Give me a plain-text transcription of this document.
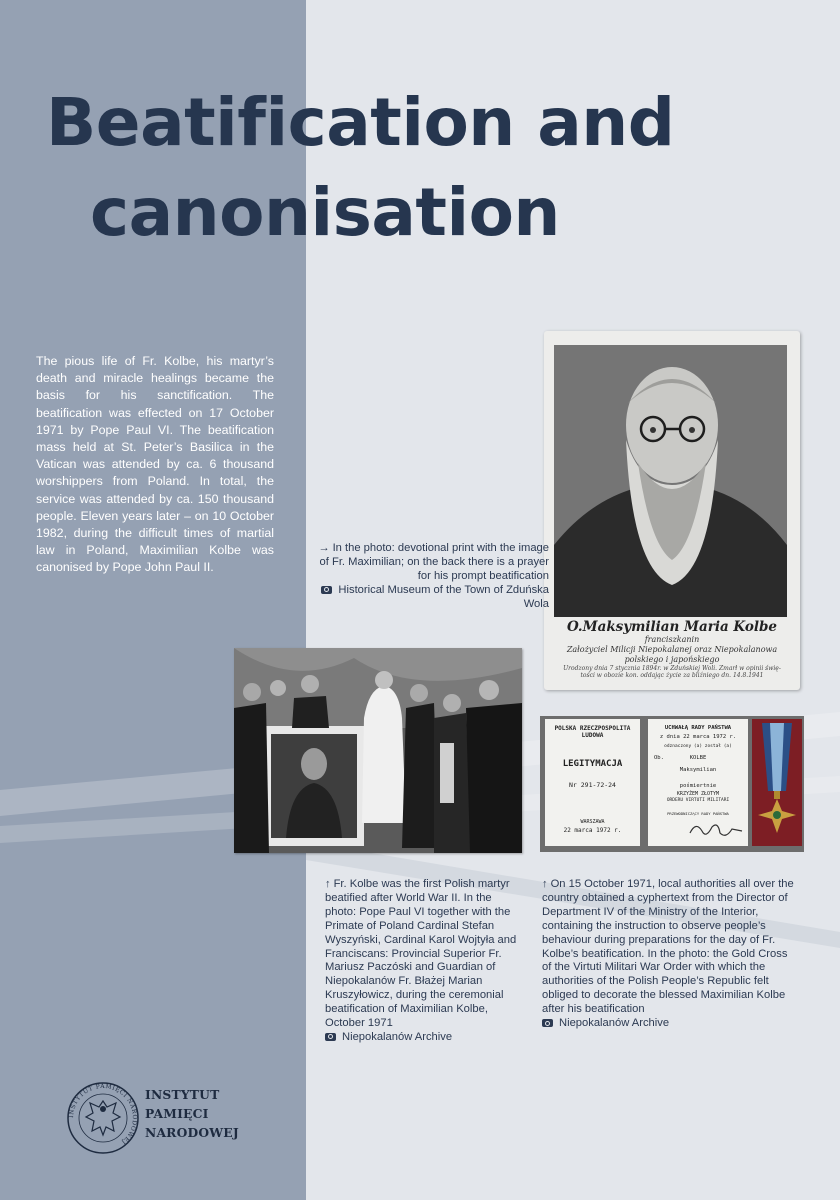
Beatification and
canonisation

The pious life of Fr. Kolbe, his martyr’s death and miracle healings became the basis for his sanctification. The beatification was effected on 17 October 1971 by Pope Paul VI. The beatification mass held at St. Peter’s Basilica in the Vatican was attended by ca. 6 thousand worshippers from Poland. In total, the service was attended by ca. 150 thousand people. Eleven years later – on 10 October 1982, during the difficult times of martial law in Poland, Maximilian Kolbe was canonised by Pope John Paul II.

O.Maksymilian Maria Kolbe

franciszkanin
Założyciel Milicji Niepokalanej oraz Niepokalanowa
polskiego i japońskiego

Urodzony dnia 7 stycznia 1894r. w Zduńskiej Woli. Zmarł w opinii świę-
tości w obozie kon. oddając życie za bliźniego dn. 14.8.1941

→ In the photo: devotional print with the image of Fr. Maximilian; on the back there is a prayer for his prompt beatification
Historical Museum of the Town of Zduńska Wola

POLSKA RZECZPOSPOLITA

LUDOWA

LEGITYMACJA

Nr 291-72-24

WARSZAWA

22 marca 1972 r.

UCHWAŁĄ RADY PAŃSTWA

z dnia 22 marca 1972 r.

odznaczony (a) został (a)

Ob.	KOLBE

Maksymilian

pośmiertnie

KRZYŻEM ZŁOTYM

ORDERU VIRTUTI MILITARI

PRZEWODNICZĄCY RADY PAŃSTWA

↑ Fr. Kolbe was the first Polish martyr beatified after World War II. In the photo: Pope Paul VI together with the Primate of Poland Cardinal Stefan Wyszyński, Cardinal Karol Wojtyła and Franciscans: Provincial Superior Fr. Mariusz Paczóski and Guardian of Niepokalanów Fr. Błażej Marian Kruszyłowicz, during the ceremonial beatification of Maximilian Kolbe, October 1971
Niepokalanów Archive

↑ On 15 October 1971, local authorities all over the country obtained a cyphertext from the Director of Department IV of the Ministry of the Interior, containing the instruction to observe people’s behaviour during preparations for the day of Fr. Kolbe’s beatification. In the photo: the Gold Cross of the Virtuti Militari War Order with which the authorities of the Polish People’s Republic felt obliged to decorate the blessed Maximilian Kolbe after his beatification
Niepokalanów Archive

INSTYTUT PAMIĘCI NARODOWEJ
INSTYTUT
PAMIĘCI
NARODOWEJ
